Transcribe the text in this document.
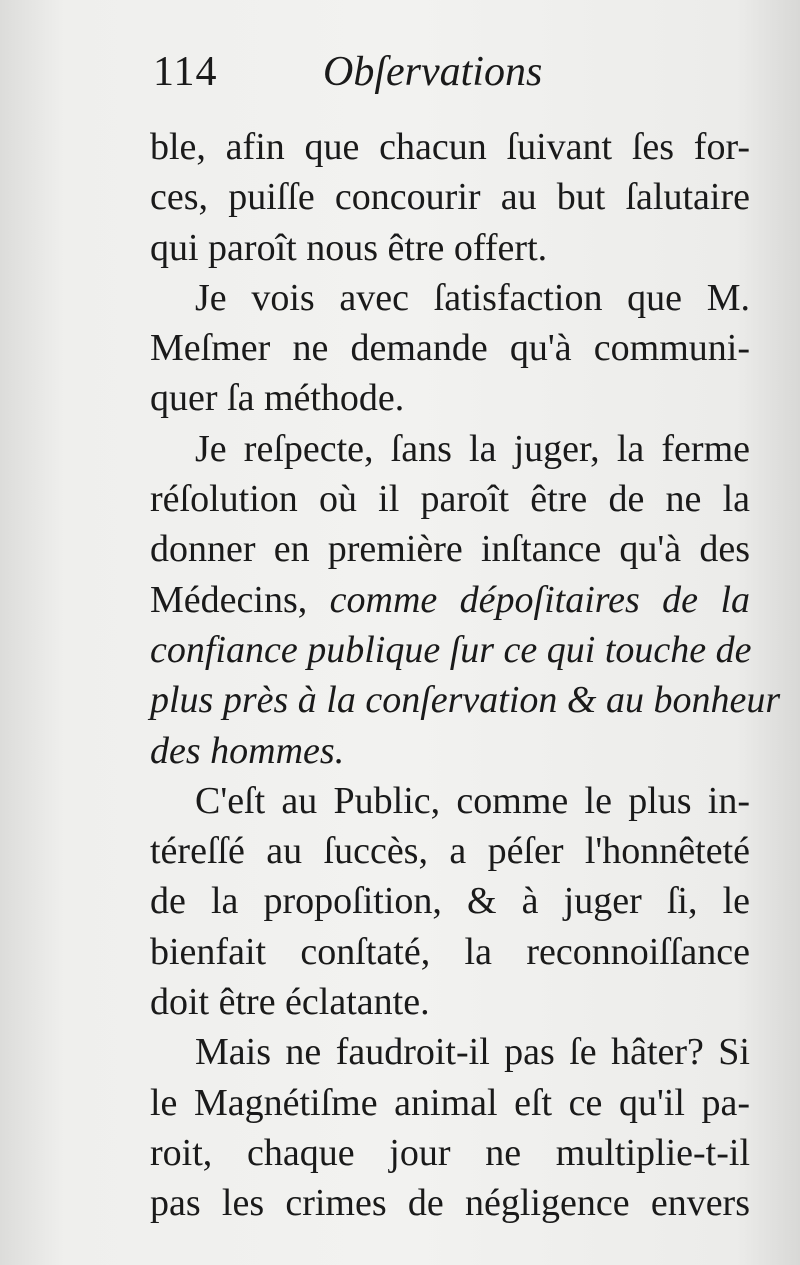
114	Obſervations
ble, afin que chacun ſuivant ſes for-
ces, puiſſe concourir au but ſalutaire
qui paroît nous être offert.
Je vois avec ſatisfaction que M.
Meſmer ne demande qu'à communi-
quer ſa méthode.
Je reſpecte, ſans la juger, la ferme
réſolution où il paroît être de ne la
donner en première inſtance qu'à des
Médecins, comme dépoſitaires de la
confiance publique ſur ce qui touche de
plus près à la conſervation & au bonheur
des hommes.
C'eſt au Public, comme le plus in-
téreſſé au ſuccès, a péſer l'honnêteté
de la propoſition, & à juger ſi, le
bienfait conſtaté, la reconnoiſſance
doit être éclatante.
Mais ne faudroit-il pas ſe hâter? Si
le Magnétiſme animal eſt ce qu'il pa-
roit, chaque jour ne multiplie-t-il
pas les crimes de négligence envers
